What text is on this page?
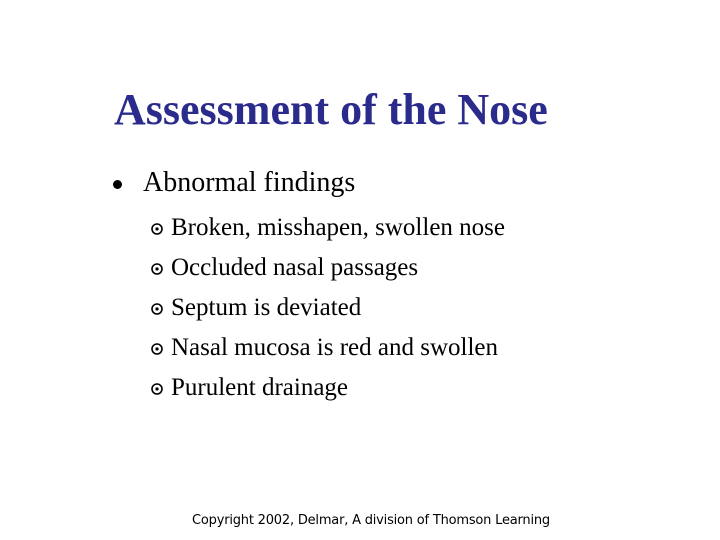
Assessment of the Nose
Abnormal findings
Broken, misshapen, swollen nose
Occluded nasal passages
Septum is deviated
Nasal mucosa is red and swollen
Purulent drainage
Copyright 2002, Delmar, A division of Thomson Learning
